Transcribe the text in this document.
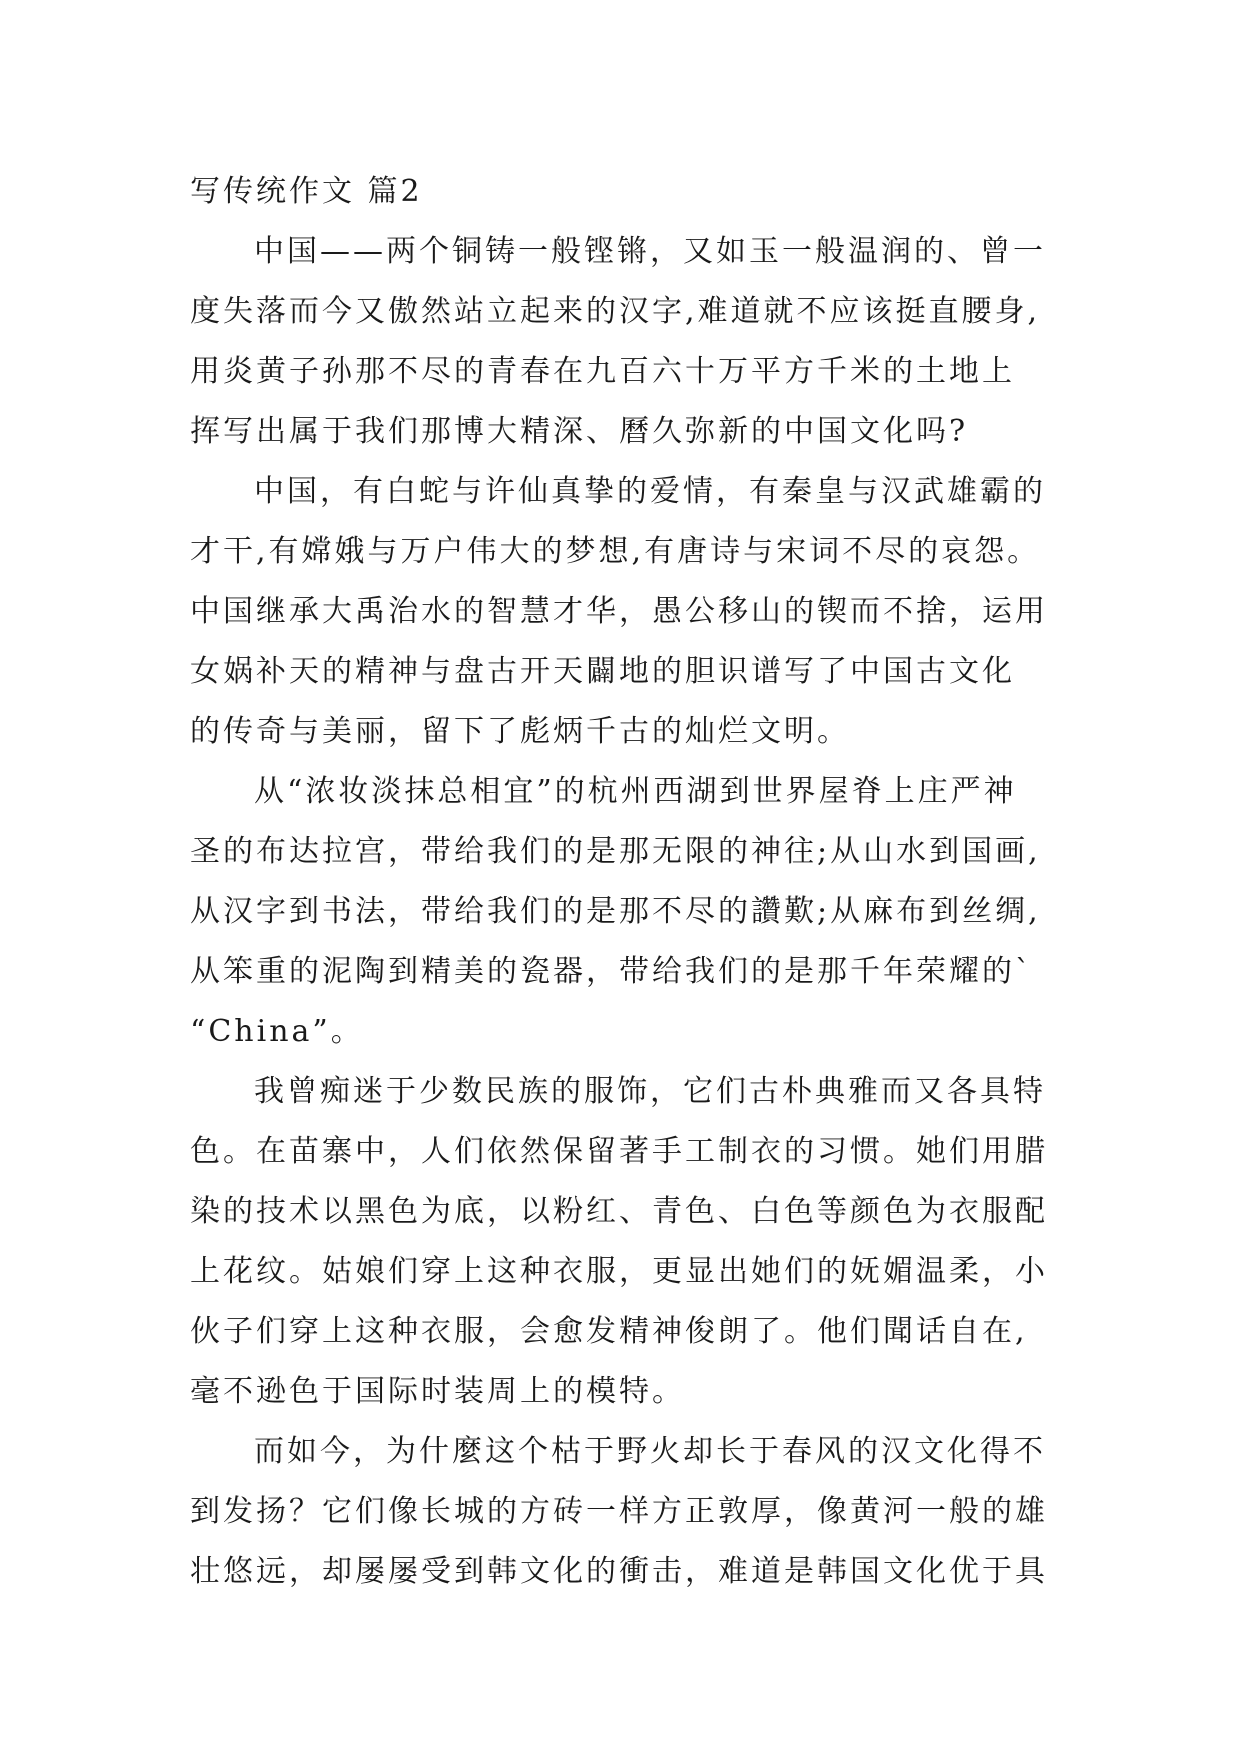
写传统作文 篇2
中国——两个铜铸一般铿锵，又如玉一般温润的、曾一
度失落而今又傲然站立起来的汉字,难道就不应该挺直腰身,
用炎黄子孙那不尽的青春在九百六十万平方千米的土地上
挥写出属于我们那博大精深、曆久弥新的中国文化吗?
中国，有白蛇与许仙真挚的爱情，有秦皇与汉武雄霸的
才干,有嫦娥与万户伟大的梦想,有唐诗与宋词不尽的哀怨。
中国继承大禹治水的智慧才华，愚公移山的锲而不捨，运用
女娲补天的精神与盘古开天闢地的胆识谱写了中国古文化
的传奇与美丽，留下了彪炳千古的灿烂文明。
从“浓妆淡抹总相宜”的杭州西湖到世界屋脊上庄严神
圣的布达拉宫，带给我们的是那无限的神往;从山水到国画,
从汉字到书法，带给我们的是那不尽的讚歎;从麻布到丝绸,
从笨重的泥陶到精美的瓷器，带给我们的是那千年荣耀的`
“China”。
我曾痴迷于少数民族的服饰，它们古朴典雅而又各具特
色。在苗寨中，人们依然保留著手工制衣的习惯。她们用腊
染的技术以黑色为底，以粉红、青色、白色等颜色为衣服配
上花纹。姑娘们穿上这种衣服，更显出她们的妩媚温柔，小
伙子们穿上这种衣服，会愈发精神俊朗了。他们聞话自在,
毫不逊色于国际时装周上的模特。
而如今，为什麼这个枯于野火却长于春风的汉文化得不
到发扬？它们像长城的方砖一样方正敦厚，像黄河一般的雄
壮悠远，却屡屡受到韩文化的衝击，难道是韩国文化优于具
